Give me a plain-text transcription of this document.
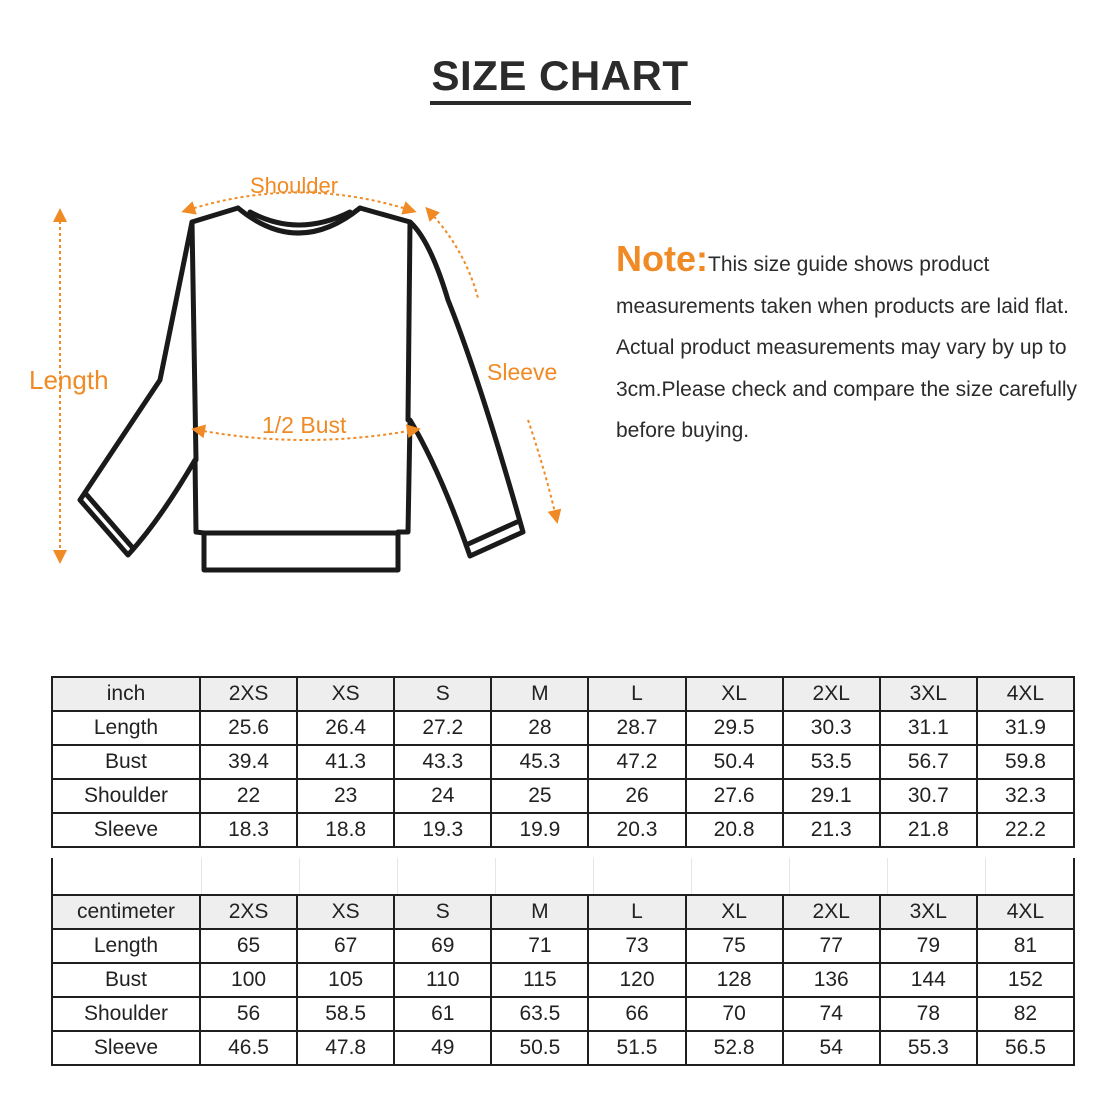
SIZE CHART
Shoulder
Length	Sleeve
1/2 Bust
Note:This size guide shows product measurements taken when products are laid flat. Actual product measurements may vary by up to 3cm.Please check and compare the size carefully before buying.
inch	2XS	XS	S	M	L	XL	2XL	3XL	4XL
Length	25.6	26.4	27.2	28	28.7	29.5	30.3	31.1	31.9
Bust	39.4	41.3	43.3	45.3	47.2	50.4	53.5	56.7	59.8
Shoulder	22	23	24	25	26	27.6	29.1	30.7	32.3
Sleeve	18.3	18.8	19.3	19.9	20.3	20.8	21.3	21.8	22.2
centimeter	2XS	XS	S	M	L	XL	2XL	3XL	4XL
Length	65	67	69	71	73	75	77	79	81
Bust	100	105	110	115	120	128	136	144	152
Shoulder	56	58.5	61	63.5	66	70	74	78	82
Sleeve	46.5	47.8	49	50.5	51.5	52.8	54	55.3	56.5
